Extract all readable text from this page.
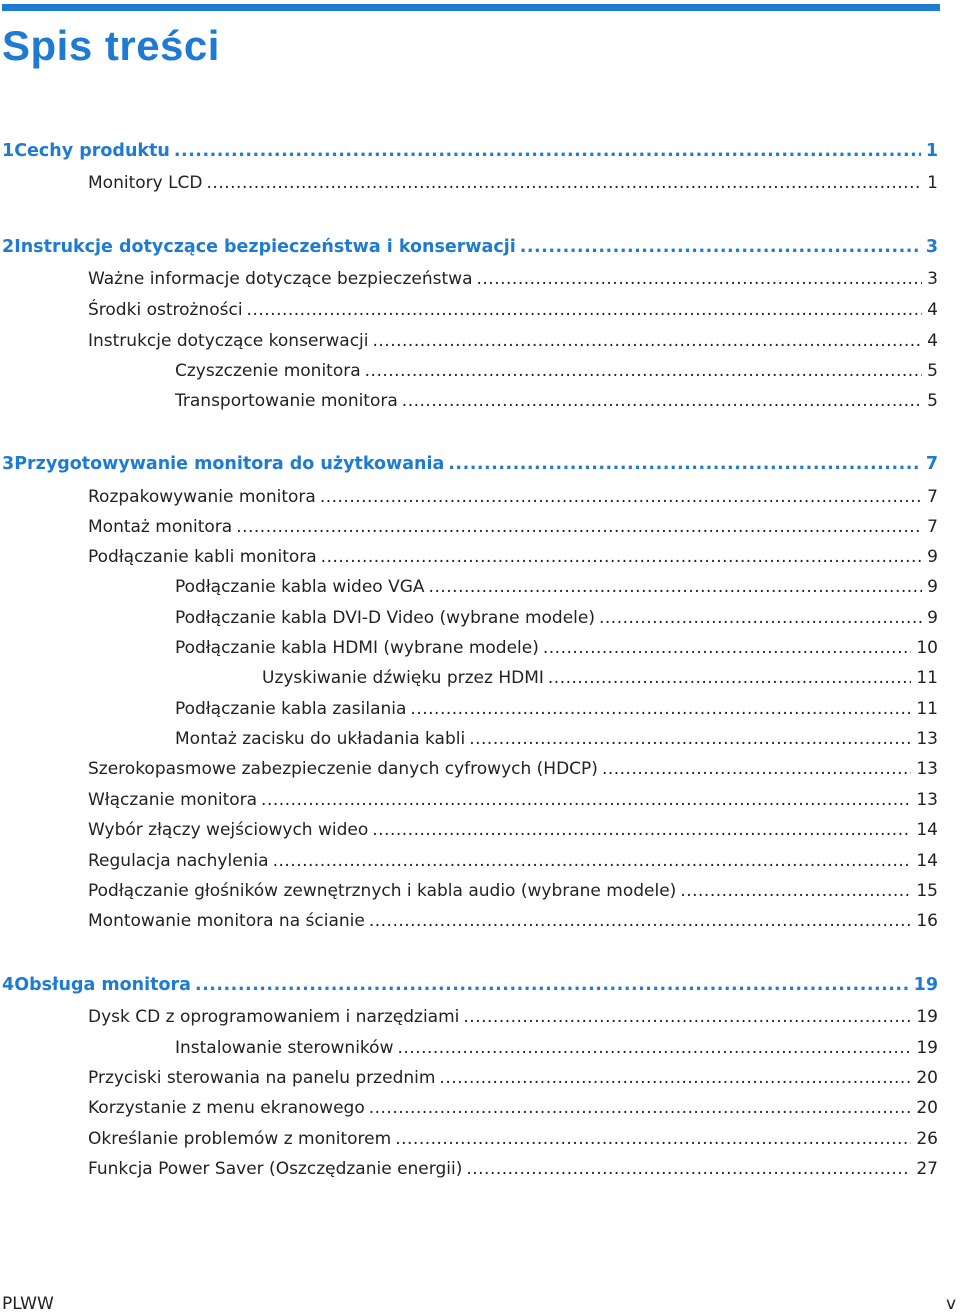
Spis treści
1 Cechy produktu .....	1
Monitory LCD .....	1
2 Instrukcje dotyczące bezpieczeństwa i konserwacji .....	3
Ważne informacje dotyczące bezpieczeństwa .....	3
Środki ostrożności .....	4
Instrukcje dotyczące konserwacji .....	4
Czyszczenie monitora .....	5
Transportowanie monitora .....	5
3 Przygotowywanie monitora do użytkowania .....	7
Rozpakowywanie monitora .....	7
Montaż monitora .....	7
Podłączanie kabli monitora .....	9
Podłączanie kabla wideo VGA .....	9
Podłączanie kabla DVI-D Video (wybrane modele) .....	9
Podłączanie kabla HDMI (wybrane modele) .....	10
Uzyskiwanie dźwięku przez HDMI .....	11
Podłączanie kabla zasilania .....	11
Montaż zacisku do układania kabli .....	13
Szerokopasmowe zabezpieczenie danych cyfrowych (HDCP) .....	13
Włączanie monitora .....	13
Wybór złączy wejściowych wideo .....	14
Regulacja nachylenia .....	14
Podłączanie głośników zewnętrznych i kabla audio (wybrane modele) .....	15
Montowanie monitora na ścianie .....	16
4 Obsługa monitora .....	19
Dysk CD z oprogramowaniem i narzędziami .....	19
Instalowanie sterowników .....	19
Przyciski sterowania na panelu przednim .....	20
Korzystanie z menu ekranowego .....	20
Określanie problemów z monitorem .....	26
Funkcja Power Saver (Oszczędzanie energii) .....	27
PLWW	v
